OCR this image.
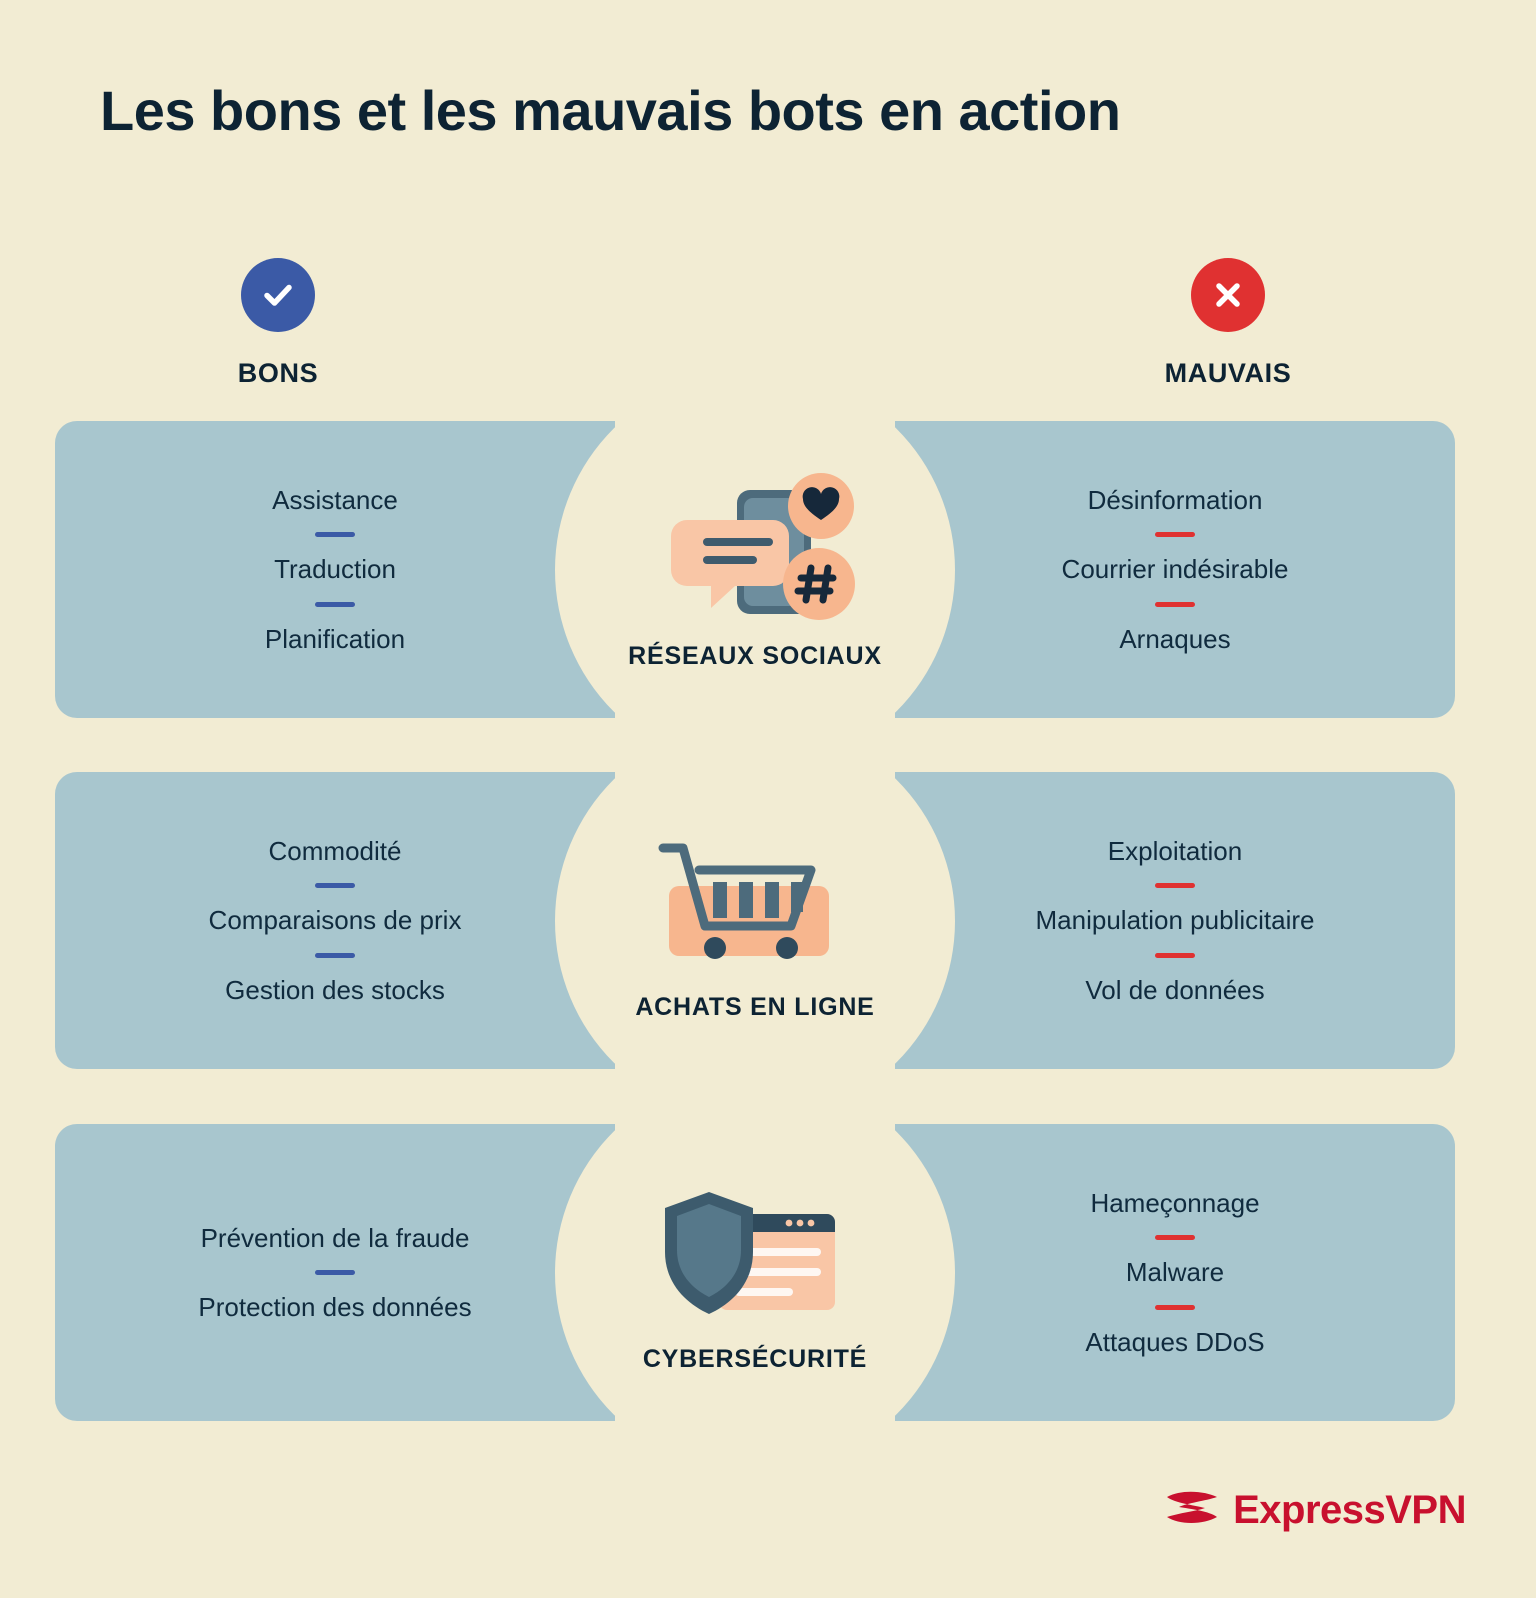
Les bons et les mauvais bots en action
BONS	MAUVAIS
Assistance
Traduction
Planification
Désinformation
Courrier indésirable
Arnaques
RÉSEAUX SOCIAUX
Commodité
Comparaisons de prix
Gestion des stocks
Exploitation
Manipulation publicitaire
Vol de données
ACHATS EN LIGNE
Prévention de la fraude
Protection des données
Hameçonnage
Malware
Attaques DDoS
CYBERSÉCURITÉ
ExpressVPN
